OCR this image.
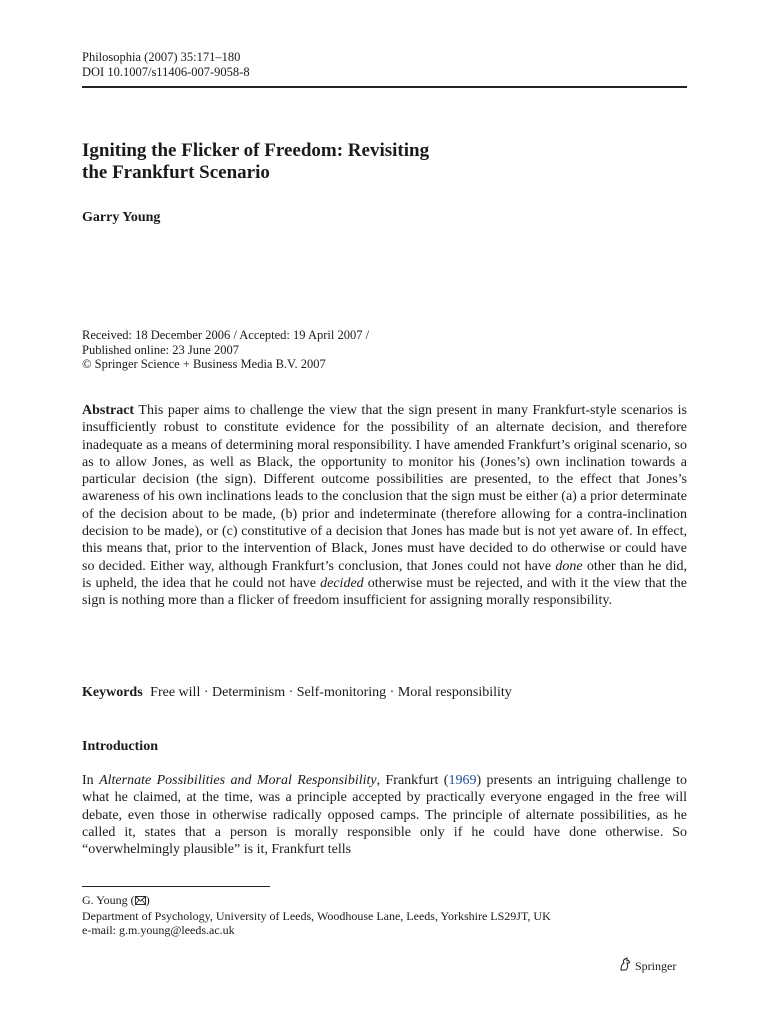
Philosophia (2007) 35:171–180
DOI 10.1007/s11406-007-9058-8
Igniting the Flicker of Freedom: Revisiting
the Frankfurt Scenario
Garry Young
Received: 18 December 2006 / Accepted: 19 April 2007 /
Published online: 23 June 2007
© Springer Science + Business Media B.V. 2007

Abstract This paper aims to challenge the view that the sign present in many Frankfurt-style scenarios is insufficiently robust to constitute evidence for the possibility of an alternate decision, and therefore inadequate as a means of determining moral responsibility. I have amended Frankfurt’s original scenario, so as to allow Jones, as well as Black, the opportunity to monitor his (Jones’s) own inclination towards a particular decision (the sign). Different outcome possibilities are presented, to the effect that Jones’s awareness of his own inclinations leads to the conclusion that the sign must be either (a) a prior determinate of the decision about to be made, (b) prior and indeterminate (therefore allowing for a contra-inclination decision to be made), or (c) constitutive of a decision that Jones has made but is not yet aware of. In effect, this means that, prior to the intervention of Black, Jones must have decided to do otherwise or could have so decided. Either way, although Frankfurt’s conclusion, that Jones could not have done other than he did, is upheld, the idea that he could not have decided otherwise must be rejected, and with it the view that the sign is nothing more than a flicker of freedom insufficient for assigning morally responsibility.

Keywords Free will · Determinism · Self-monitoring · Moral responsibility
Introduction

In Alternate Possibilities and Moral Responsibility, Frankfurt (1969) presents an intriguing challenge to what he claimed, at the time, was a principle accepted by practically everyone engaged in the free will debate, even those in otherwise radically opposed camps. The principle of alternate possibilities, as he called it, states that a person is morally responsible only if he could have done otherwise. So “overwhelmingly plausible” is it, Frankfurt tells

G. Young ( )
Department of Psychology, University of Leeds, Woodhouse Lane, Leeds, Yorkshire LS29JT, UK
e-mail: g.m.young@leeds.ac.uk
Springer
